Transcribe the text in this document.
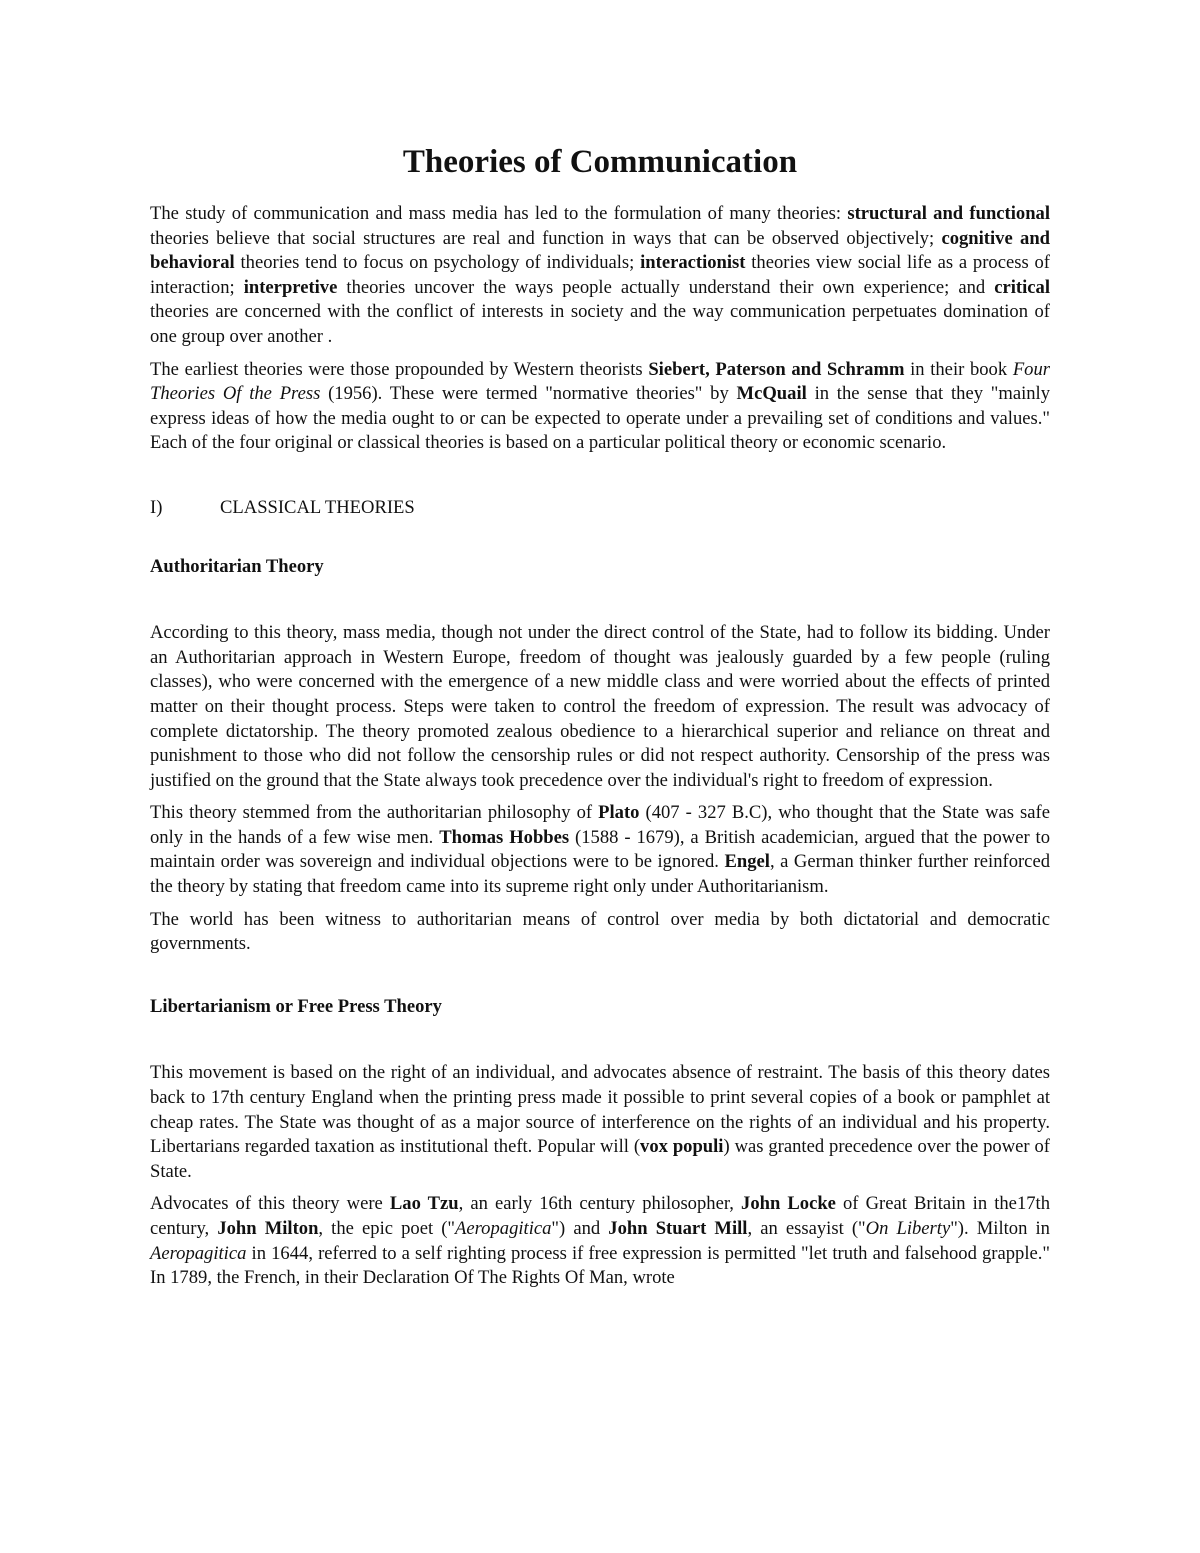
Theories of Communication

The study of communication and mass media has led to the formulation of many theories: structural and functional theories believe that social structures are real and function in ways that can be observed objectively; cognitive and behavioral theories tend to focus on psychology of individuals; interactionist theories view social life as a process of interaction; interpretive theories uncover the ways people actually understand their own experience; and critical theories are concerned with the conflict of interests in society and the way communication perpetuates domination of one group over another .

The earliest theories were those propounded by Western theorists Siebert, Paterson and Schramm in their book Four Theories Of the Press (1956). These were termed "normative theories" by McQuail in the sense that they "mainly express ideas of how the media ought to or can be expected to operate under a prevailing set of conditions and values." Each of the four original or classical theories is based on a particular political theory or economic scenario.

I)	CLASSICAL THEORIES
Authoritarian Theory

According to this theory, mass media, though not under the direct control of the State, had to follow its bidding. Under an Authoritarian approach in Western Europe, freedom of thought was jealously guarded by a few people (ruling classes), who were concerned with the emergence of a new middle class and were worried about the effects of printed matter on their thought process. Steps were taken to control the freedom of expression. The result was advocacy of complete dictatorship. The theory promoted zealous obedience to a hierarchical superior and reliance on threat and punishment to those who did not follow the censorship rules or did not respect authority. Censorship of the press was justified on the ground that the State always took precedence over the individual's right to freedom of expression.

This theory stemmed from the authoritarian philosophy of Plato (407 - 327 B.C), who thought that the State was safe only in the hands of a few wise men. Thomas Hobbes (1588 - 1679), a British academician, argued that the power to maintain order was sovereign and individual objections were to be ignored. Engel, a German thinker further reinforced the theory by stating that freedom came into its supreme right only under Authoritarianism.

The world has been witness to authoritarian means of control over media by both dictatorial and democratic governments.

Libertarianism or Free Press Theory

This movement is based on the right of an individual, and advocates absence of restraint. The basis of this theory dates back to 17th century England when the printing press made it possible to print several copies of a book or pamphlet at cheap rates. The State was thought of as a major source of interference on the rights of an individual and his property. Libertarians regarded taxation as institutional theft. Popular will (vox populi) was granted precedence over the power of State.

Advocates of this theory were Lao Tzu, an early 16th century philosopher, John Locke of Great Britain in the17th century, John Milton, the epic poet ("Aeropagitica") and John Stuart Mill, an essayist ("On Liberty"). Milton in Aeropagitica in 1644, referred to a self righting process if free expression is permitted "let truth and falsehood grapple." In 1789, the French, in their Declaration Of The Rights Of Man, wrote
